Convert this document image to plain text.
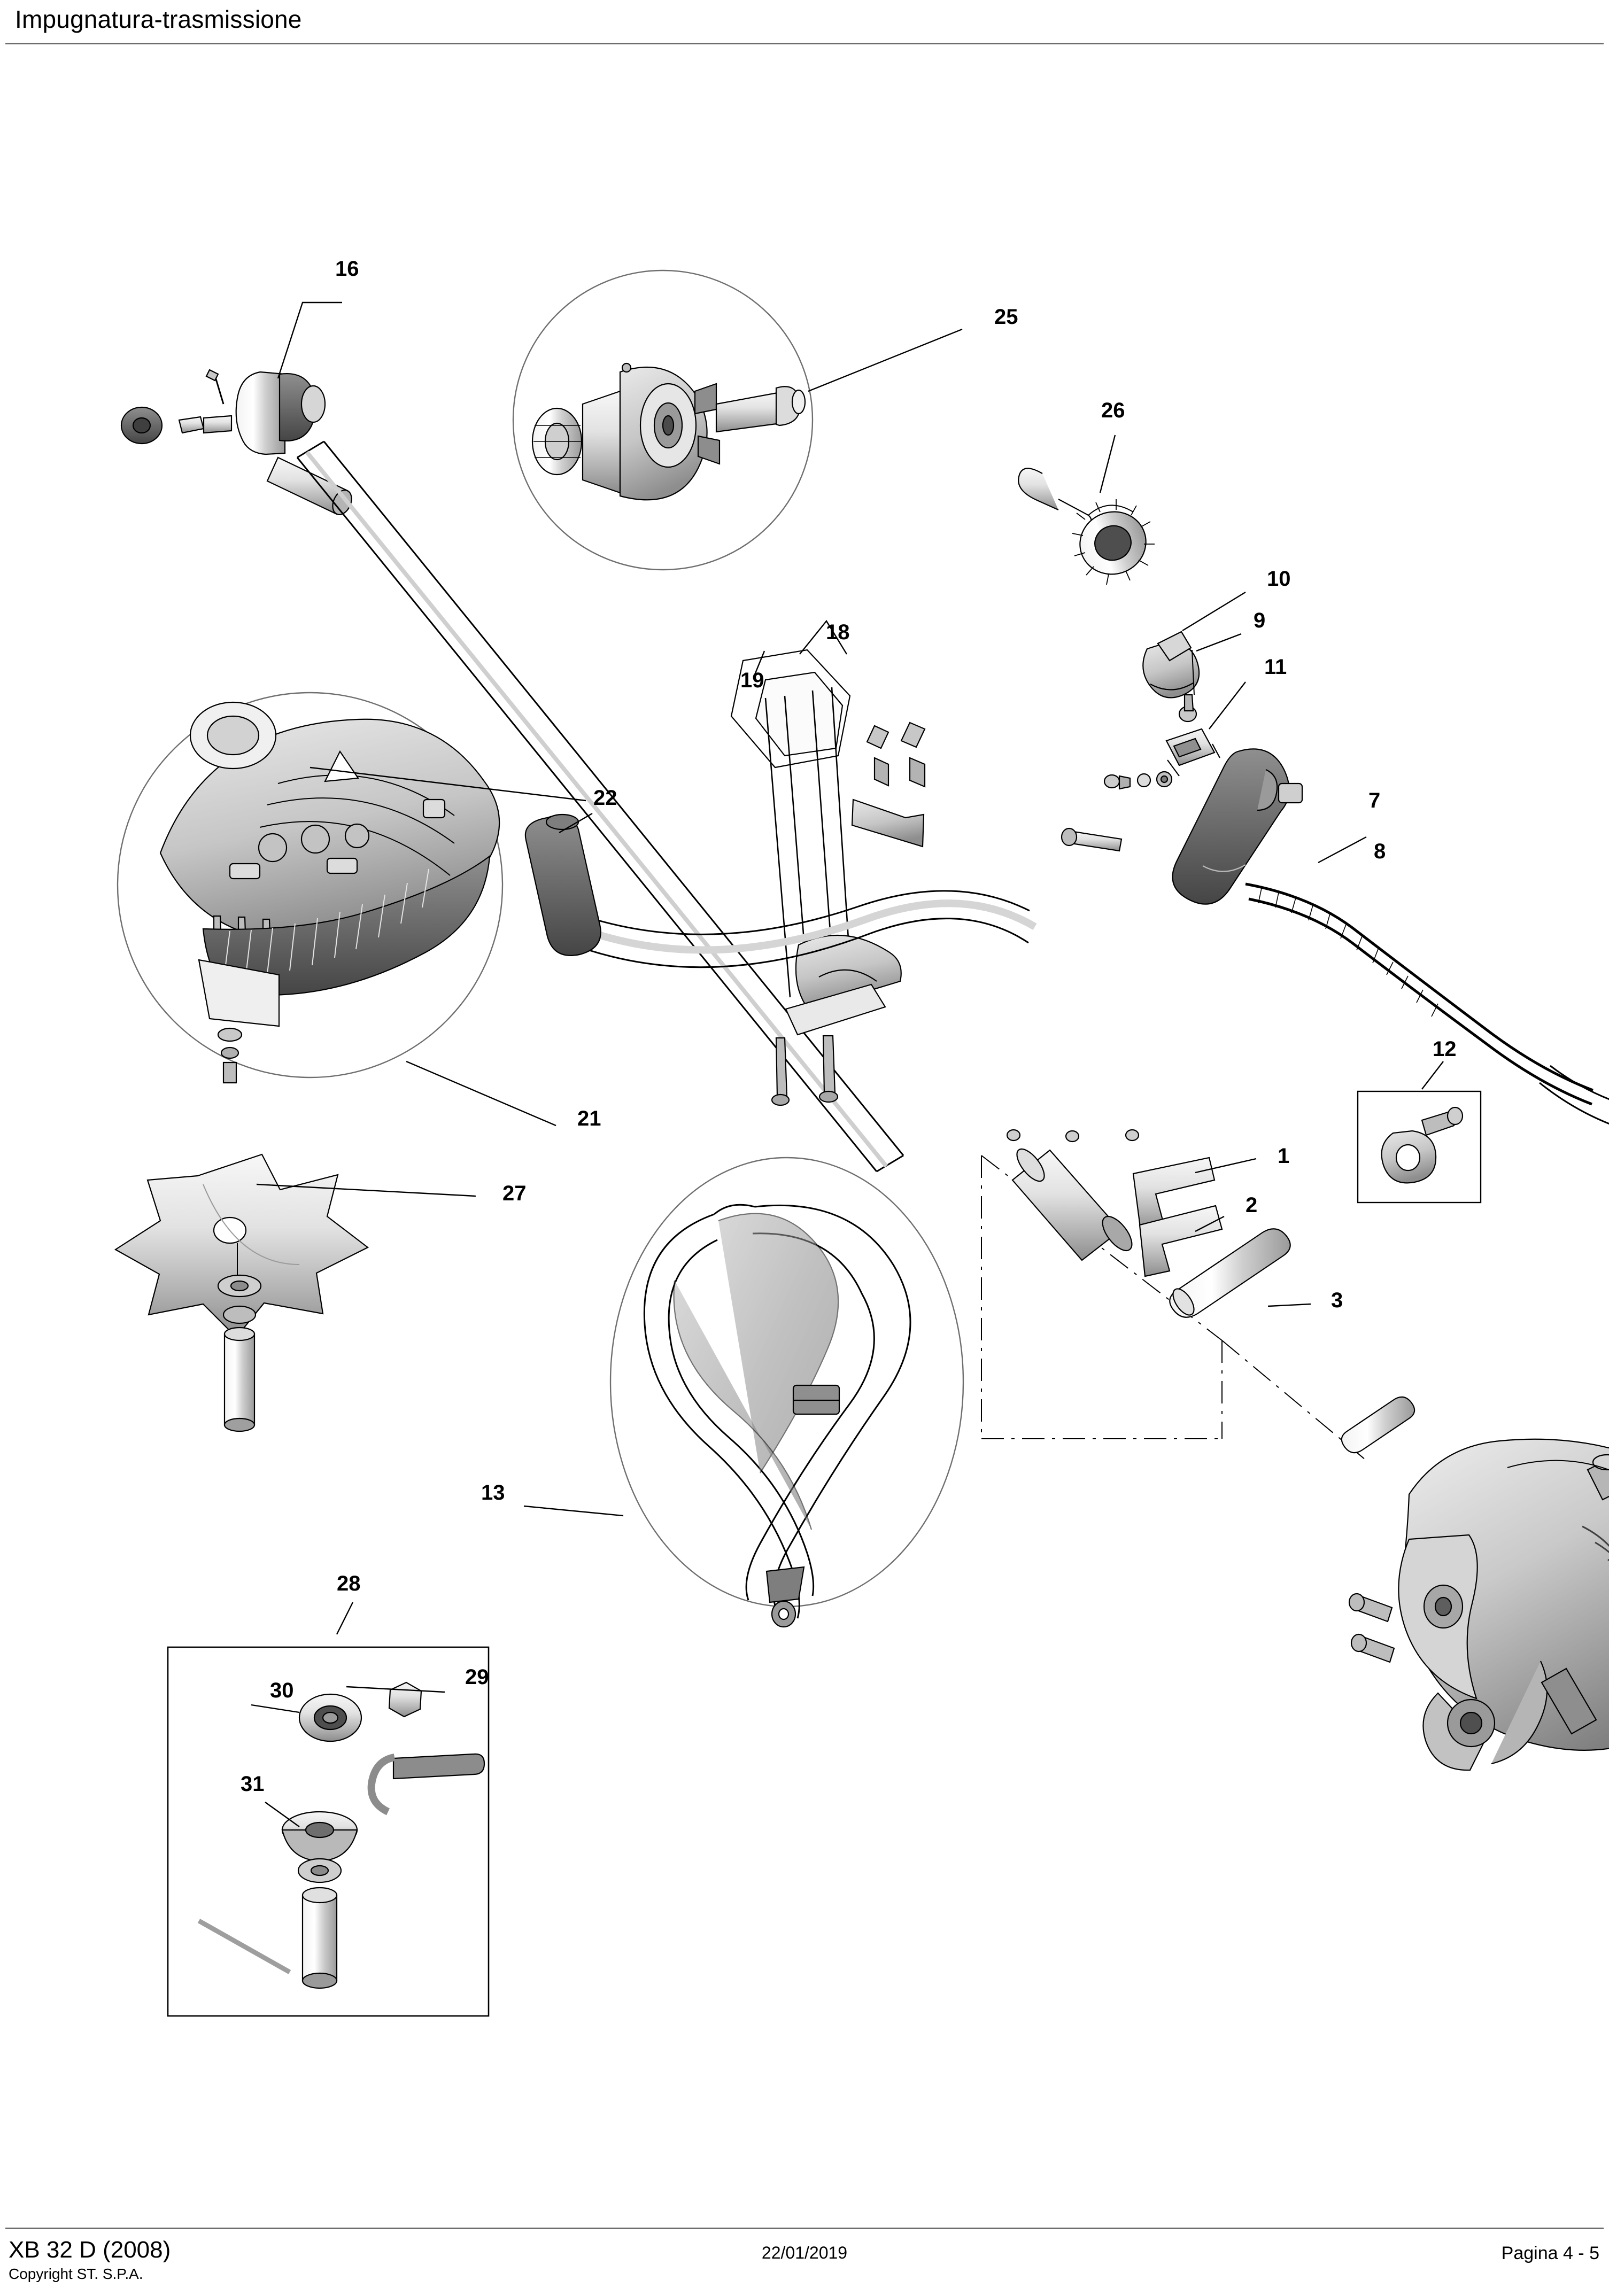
Impugnatura-trasmissione
16
25
26
10
9
11
18
19
22	7
8
21
12
1
2
27
3
13
28
29
30
31
XB 32 D (2008)
Copyright ST. S.P.A.
22/01/2019	Pagina 4 - 5
